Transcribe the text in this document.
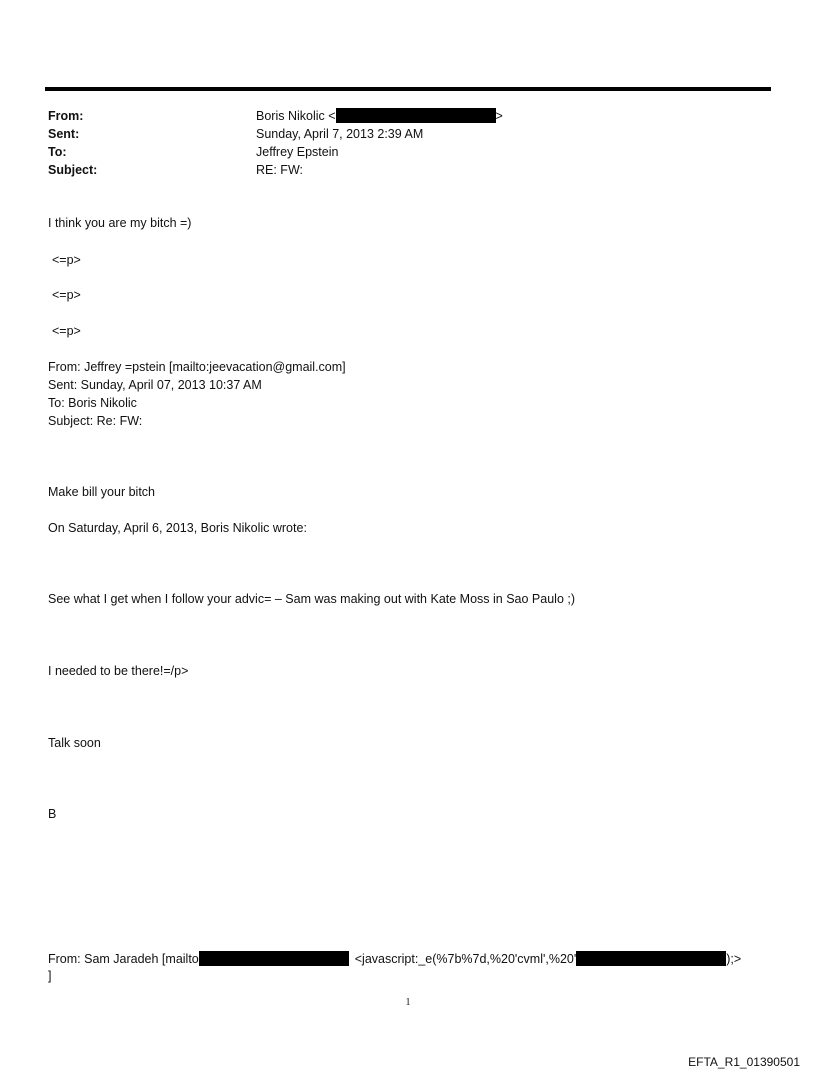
From:	Boris Nikolic <	>
Sent:	Sunday, April 7, 2013 2:39 AM
To:	Jeffrey Epstein
Subject:	RE: FW:
I think you are my bitch =)
<=p>
<=p>
<=p>
From: Jeffrey =pstein [mailto:jeevacation@gmail.com]
Sent: Sunday, April 07, 2013 10:37 AM
To: Boris Nikolic
Subject: Re: FW:
Make bill your bitch
On Saturday, April 6, 2013, Boris Nikolic wrote:
See what I get when I follow your advic= – Sam was making out with Kate Moss in Sao Paulo ;)
I needed to be there!=/p>
Talk soon
B
From: Sam Jaradeh [mailto	<javascript:_e(%7b%7d,%20'cvml',%20'	);>
]
1
EFTA_R1_01390501
